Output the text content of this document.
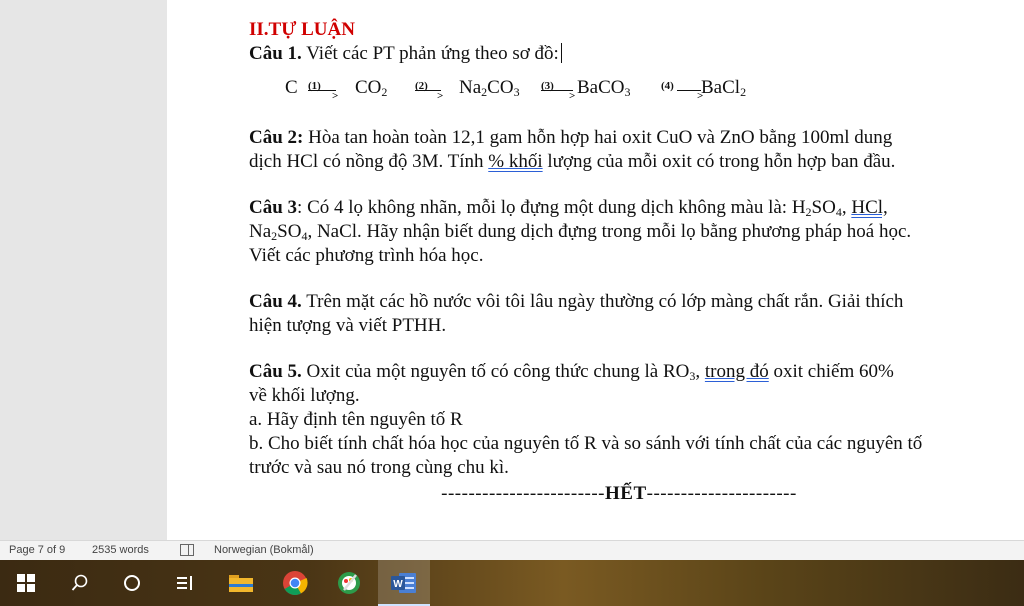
II.TỰ LUẬN

Câu 1. Viết các PT phản ứng theo sơ đồ:

C (1)
> $CO_2$	(2)
> $Na_2CO_3$ (3)
> BaCO$_3$	(4)
>
BaCl$_2$

Câu 2: Hòa tan hoàn toàn 12,1 gam hỗn hợp hai oxit CuO và ZnO bằng 100ml dung
dịch HCl có nồng độ 3M. Tính % khối lượng của mỗi oxit có trong hỗn hợp ban đầu.

Câu 3: Có 4 lọ không nhãn, mỗi lọ đựng một dung dịch không màu là: $H_2SO_4$, HCl,
$Na_2SO_4$, NaCl. Hãy nhận biết dung dịch đựng trong mỗi lọ bằng phương pháp hoá học.
Viết các phương trình hóa học.

Câu 4. Trên mặt các hồ nước vôi tôi lâu ngày thường có lớp màng chất rắn. Giải thích
hiện tượng và viết PTHH.

Câu 5. Oxit của một nguyên tố có công thức chung là $RO_3$, trong đó oxit chiếm 60%
về khối lượng.
a. Hãy định tên nguyên tố R
b. Cho biết tính chất hóa học của nguyên tố R và so sánh với tính chất của các nguyên tố
trước và sau nó trong cùng chu kì.

------------------------HẾT----------------------
Page 7 of 9 2535 words	Norwegian (Bokmål)
W
